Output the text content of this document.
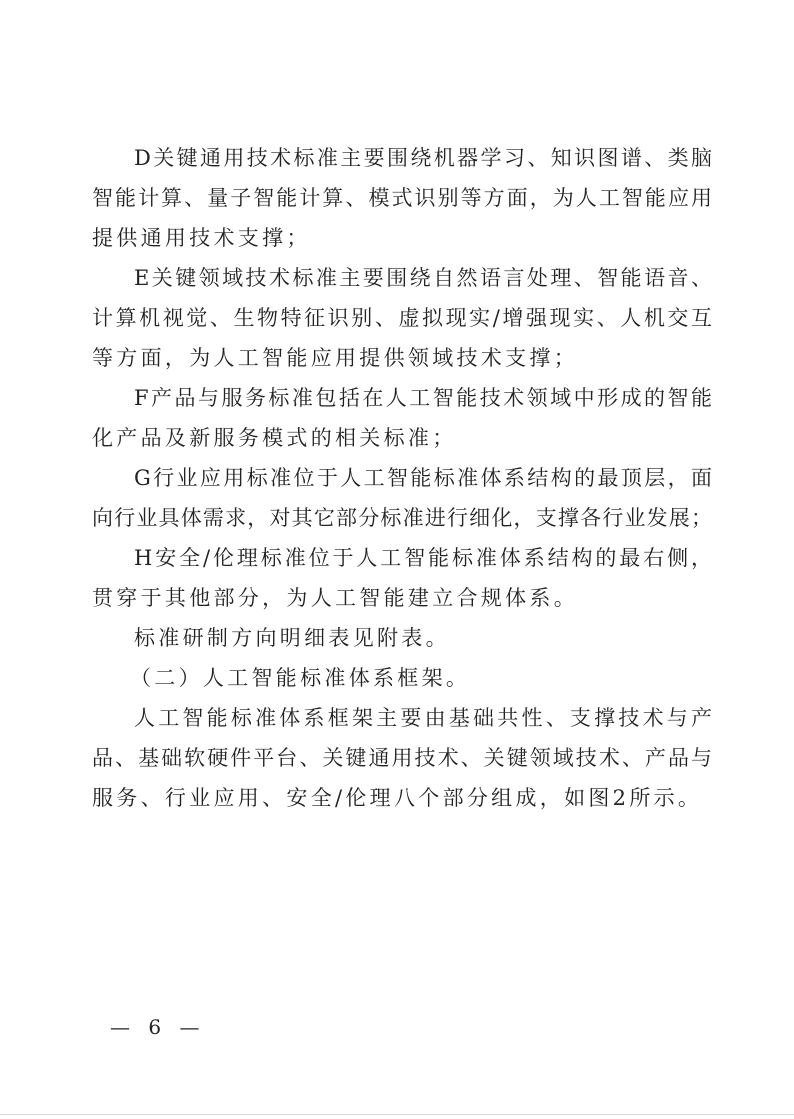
D关键通用技术标准主要围绕机器学习、知识图谱、类脑
智能计算、量子智能计算、模式识别等方面，为人工智能应用
提供通用技术支撑；
E关键领域技术标准主要围绕自然语言处理、智能语音、
计算机视觉、生物特征识别、虚拟现实/增强现实、人机交互
等方面，为人工智能应用提供领域技术支撑；
F产品与服务标准包括在人工智能技术领域中形成的智能
化产品及新服务模式的相关标准；
G行业应用标准位于人工智能标准体系结构的最顶层，面
向行业具体需求，对其它部分标准进行细化，支撑各行业发展；
H安全/伦理标准位于人工智能标准体系结构的最右侧，
贯穿于其他部分，为人工智能建立合规体系。
标准研制方向明细表见附表。
（二）人工智能标准体系框架。
人工智能标准体系框架主要由基础共性、支撑技术与产
品、基础软硬件平台、关键通用技术、关键领域技术、产品与
服务、行业应用、安全/伦理八个部分组成，如图2所示。
— 6 —
